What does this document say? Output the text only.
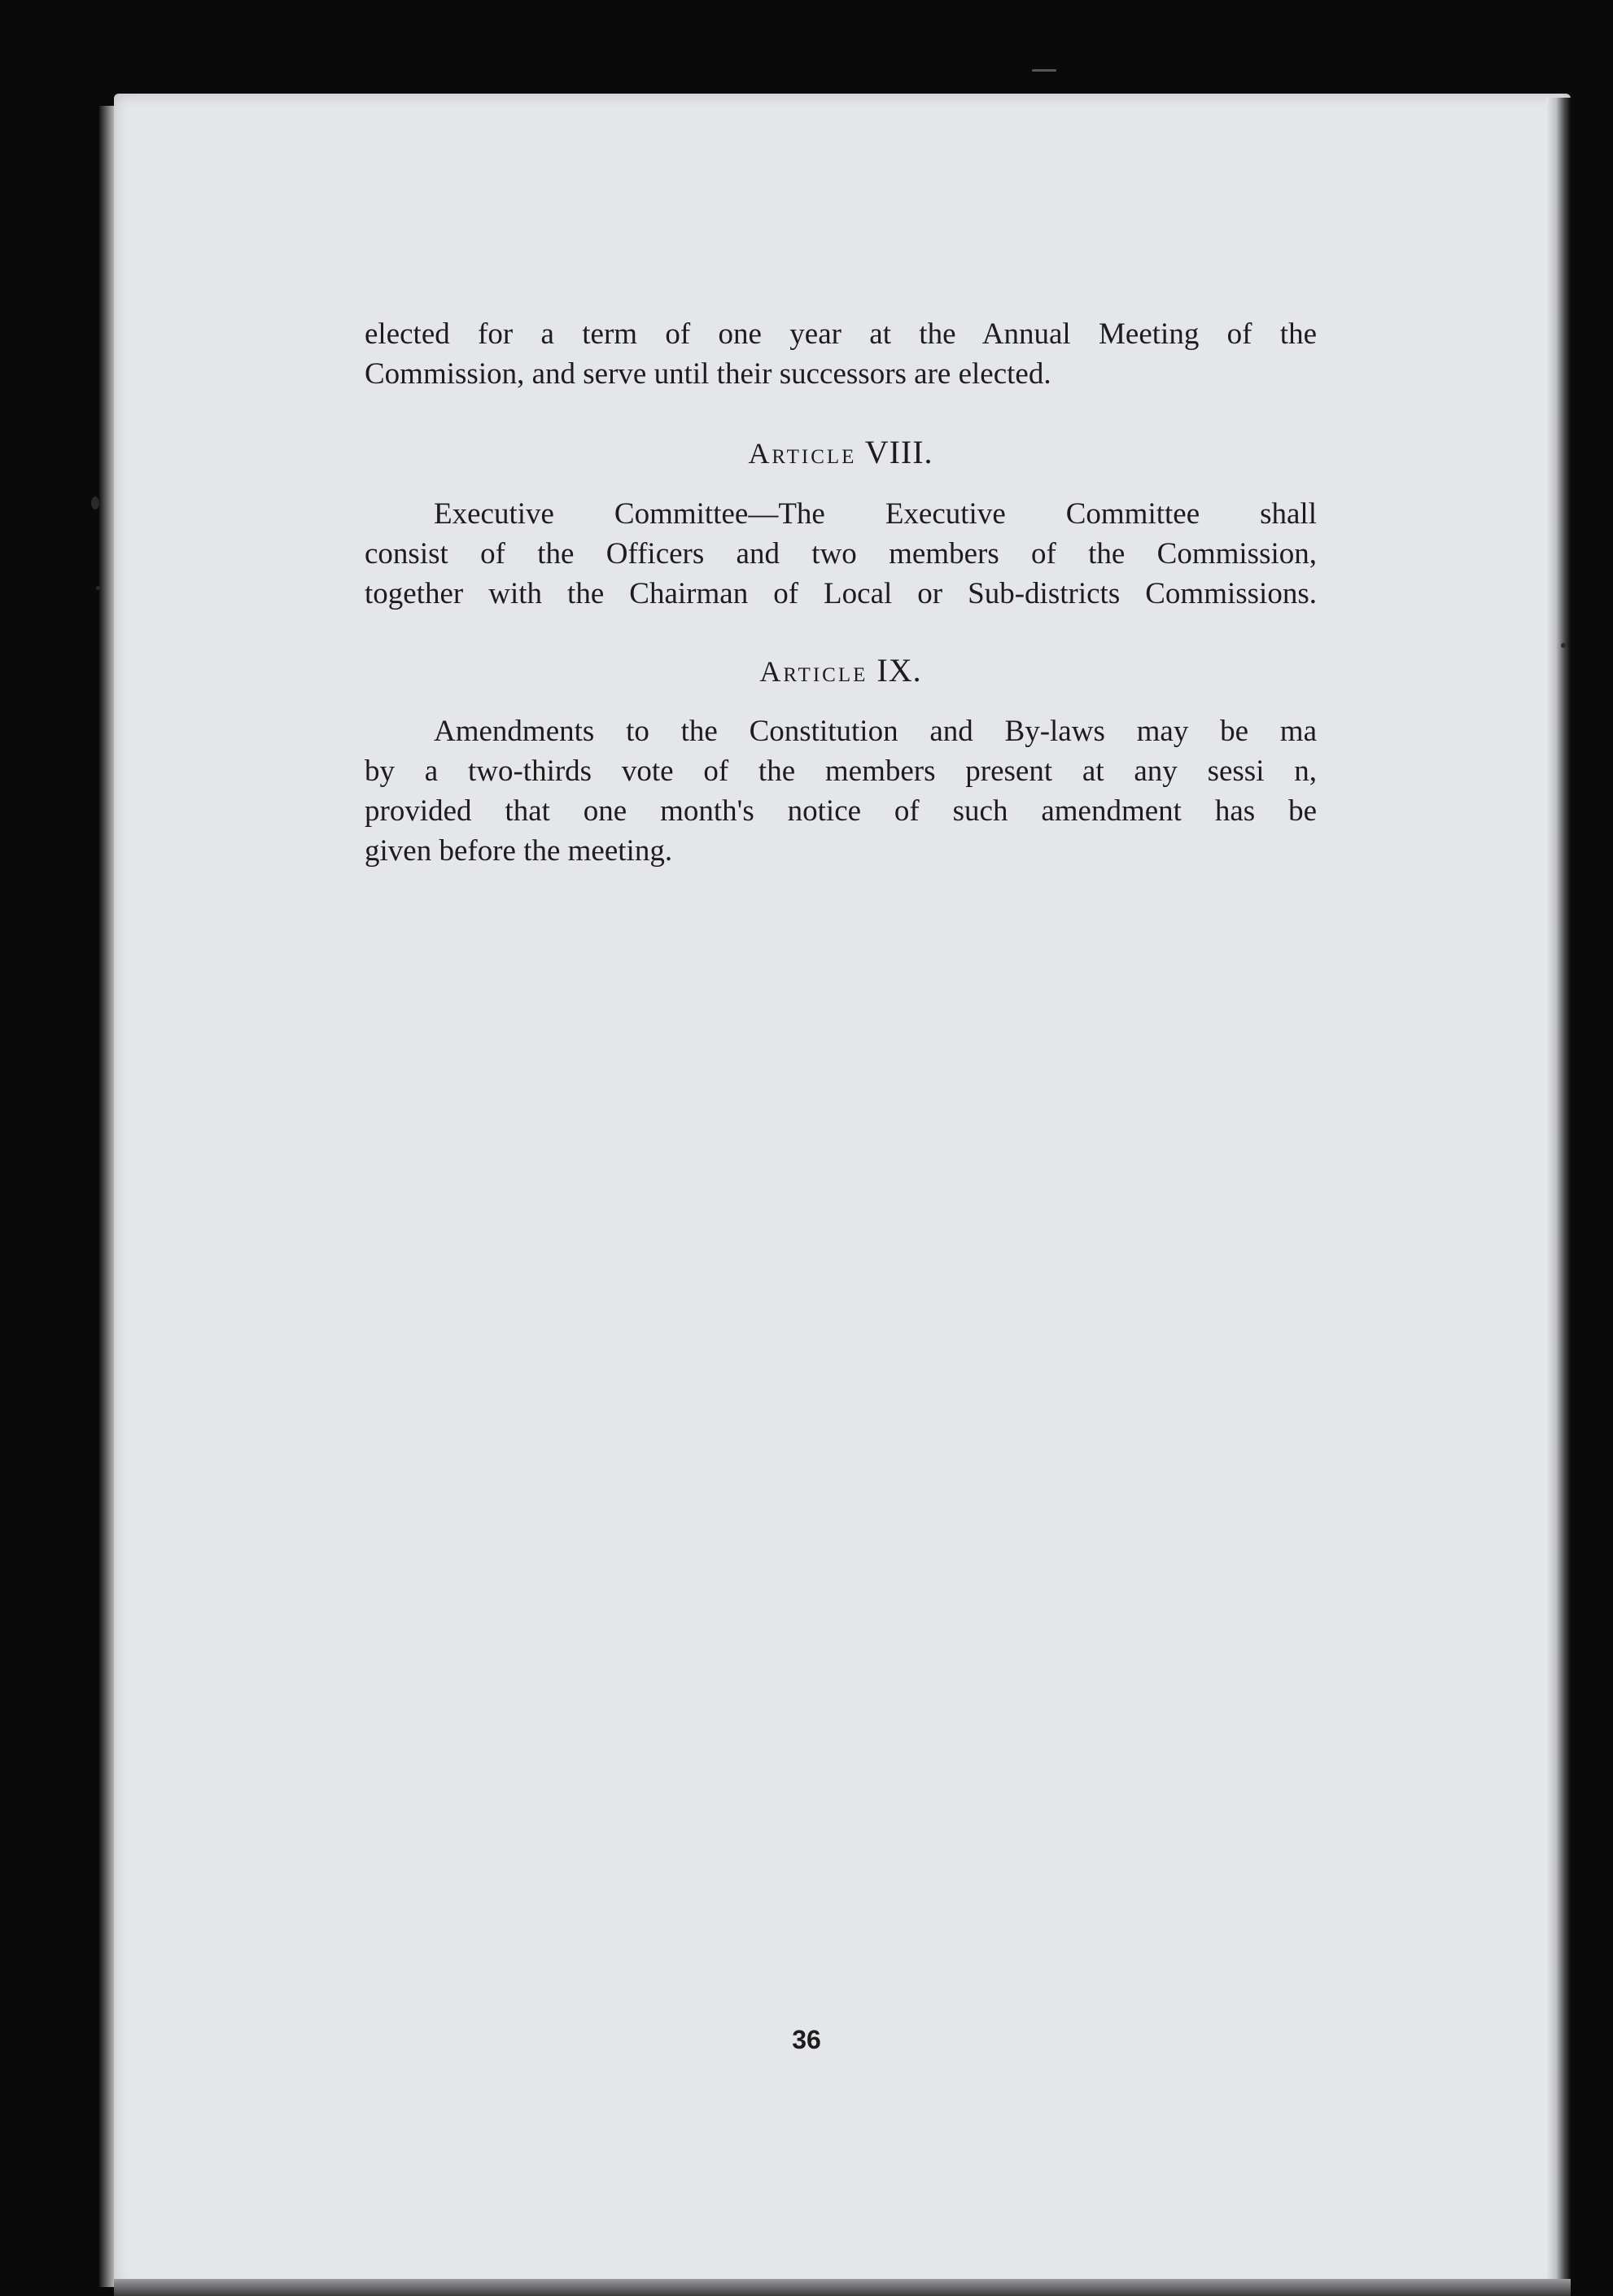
elected for a term of one year at the Annual Meeting of the
Commission, and serve until their successors are elected.
Article VIII.
Executive Committee—The Executive Committee shall
consist of the Officers and two members of the Commission,
together with the Chairman of Local or Sub-districts Commissions.
Article IX.
Amendments to the Constitution and By-laws may be ma
by a two-thirds vote of the members present at any sessi n,
provided that one month's notice of such amendment has be
given before the meeting.
36
